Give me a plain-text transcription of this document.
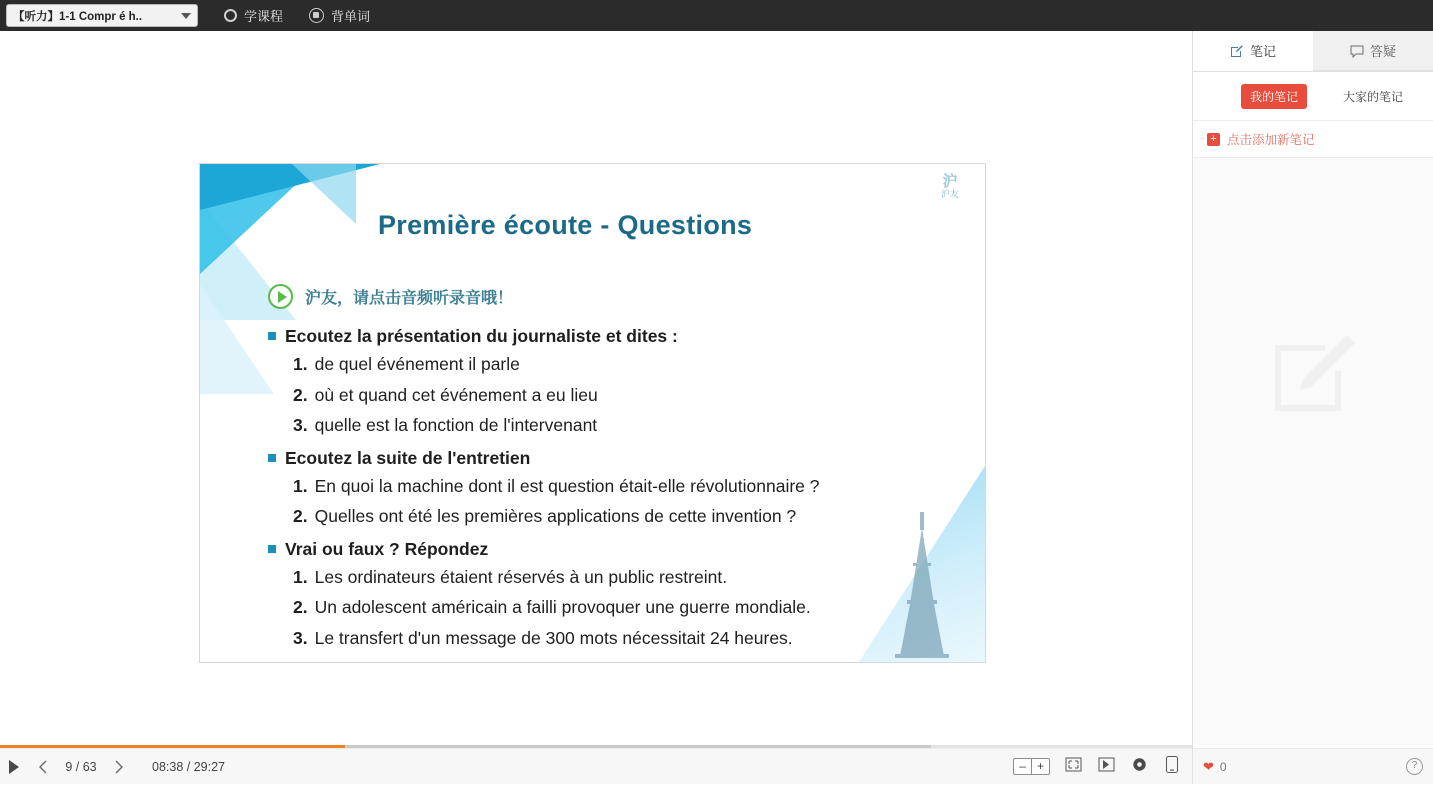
【听力】1-1 Compr é h..	学课程	背单词
沪
沪友
Première écoute - Questions
沪友，请点击音频听录音哦！
Ecoutez la présentation du journaliste et dites :
1. de quel événement il parle
2. où et quand cet événement a eu lieu
3. quelle est la fonction de l'intervenant
Ecoutez la suite de l'entretien
1. En quoi la machine dont il est question était-elle révolutionnaire ?
2. Quelles ont été les premières applications de cette invention ?
Vrai ou faux ? Répondez
1. Les ordinateurs étaient réservés à un public restreint.
2. Un adolescent américain a failli provoquer une guerre mondiale.
3. Le transfert d'un message de 300 mots nécessitait 24 heures.
笔记	答疑
我的笔记	大家的笔记
+ 点击添加新笔记
9 / 63	08:38 / 29:27	– +	❤ 0	?
